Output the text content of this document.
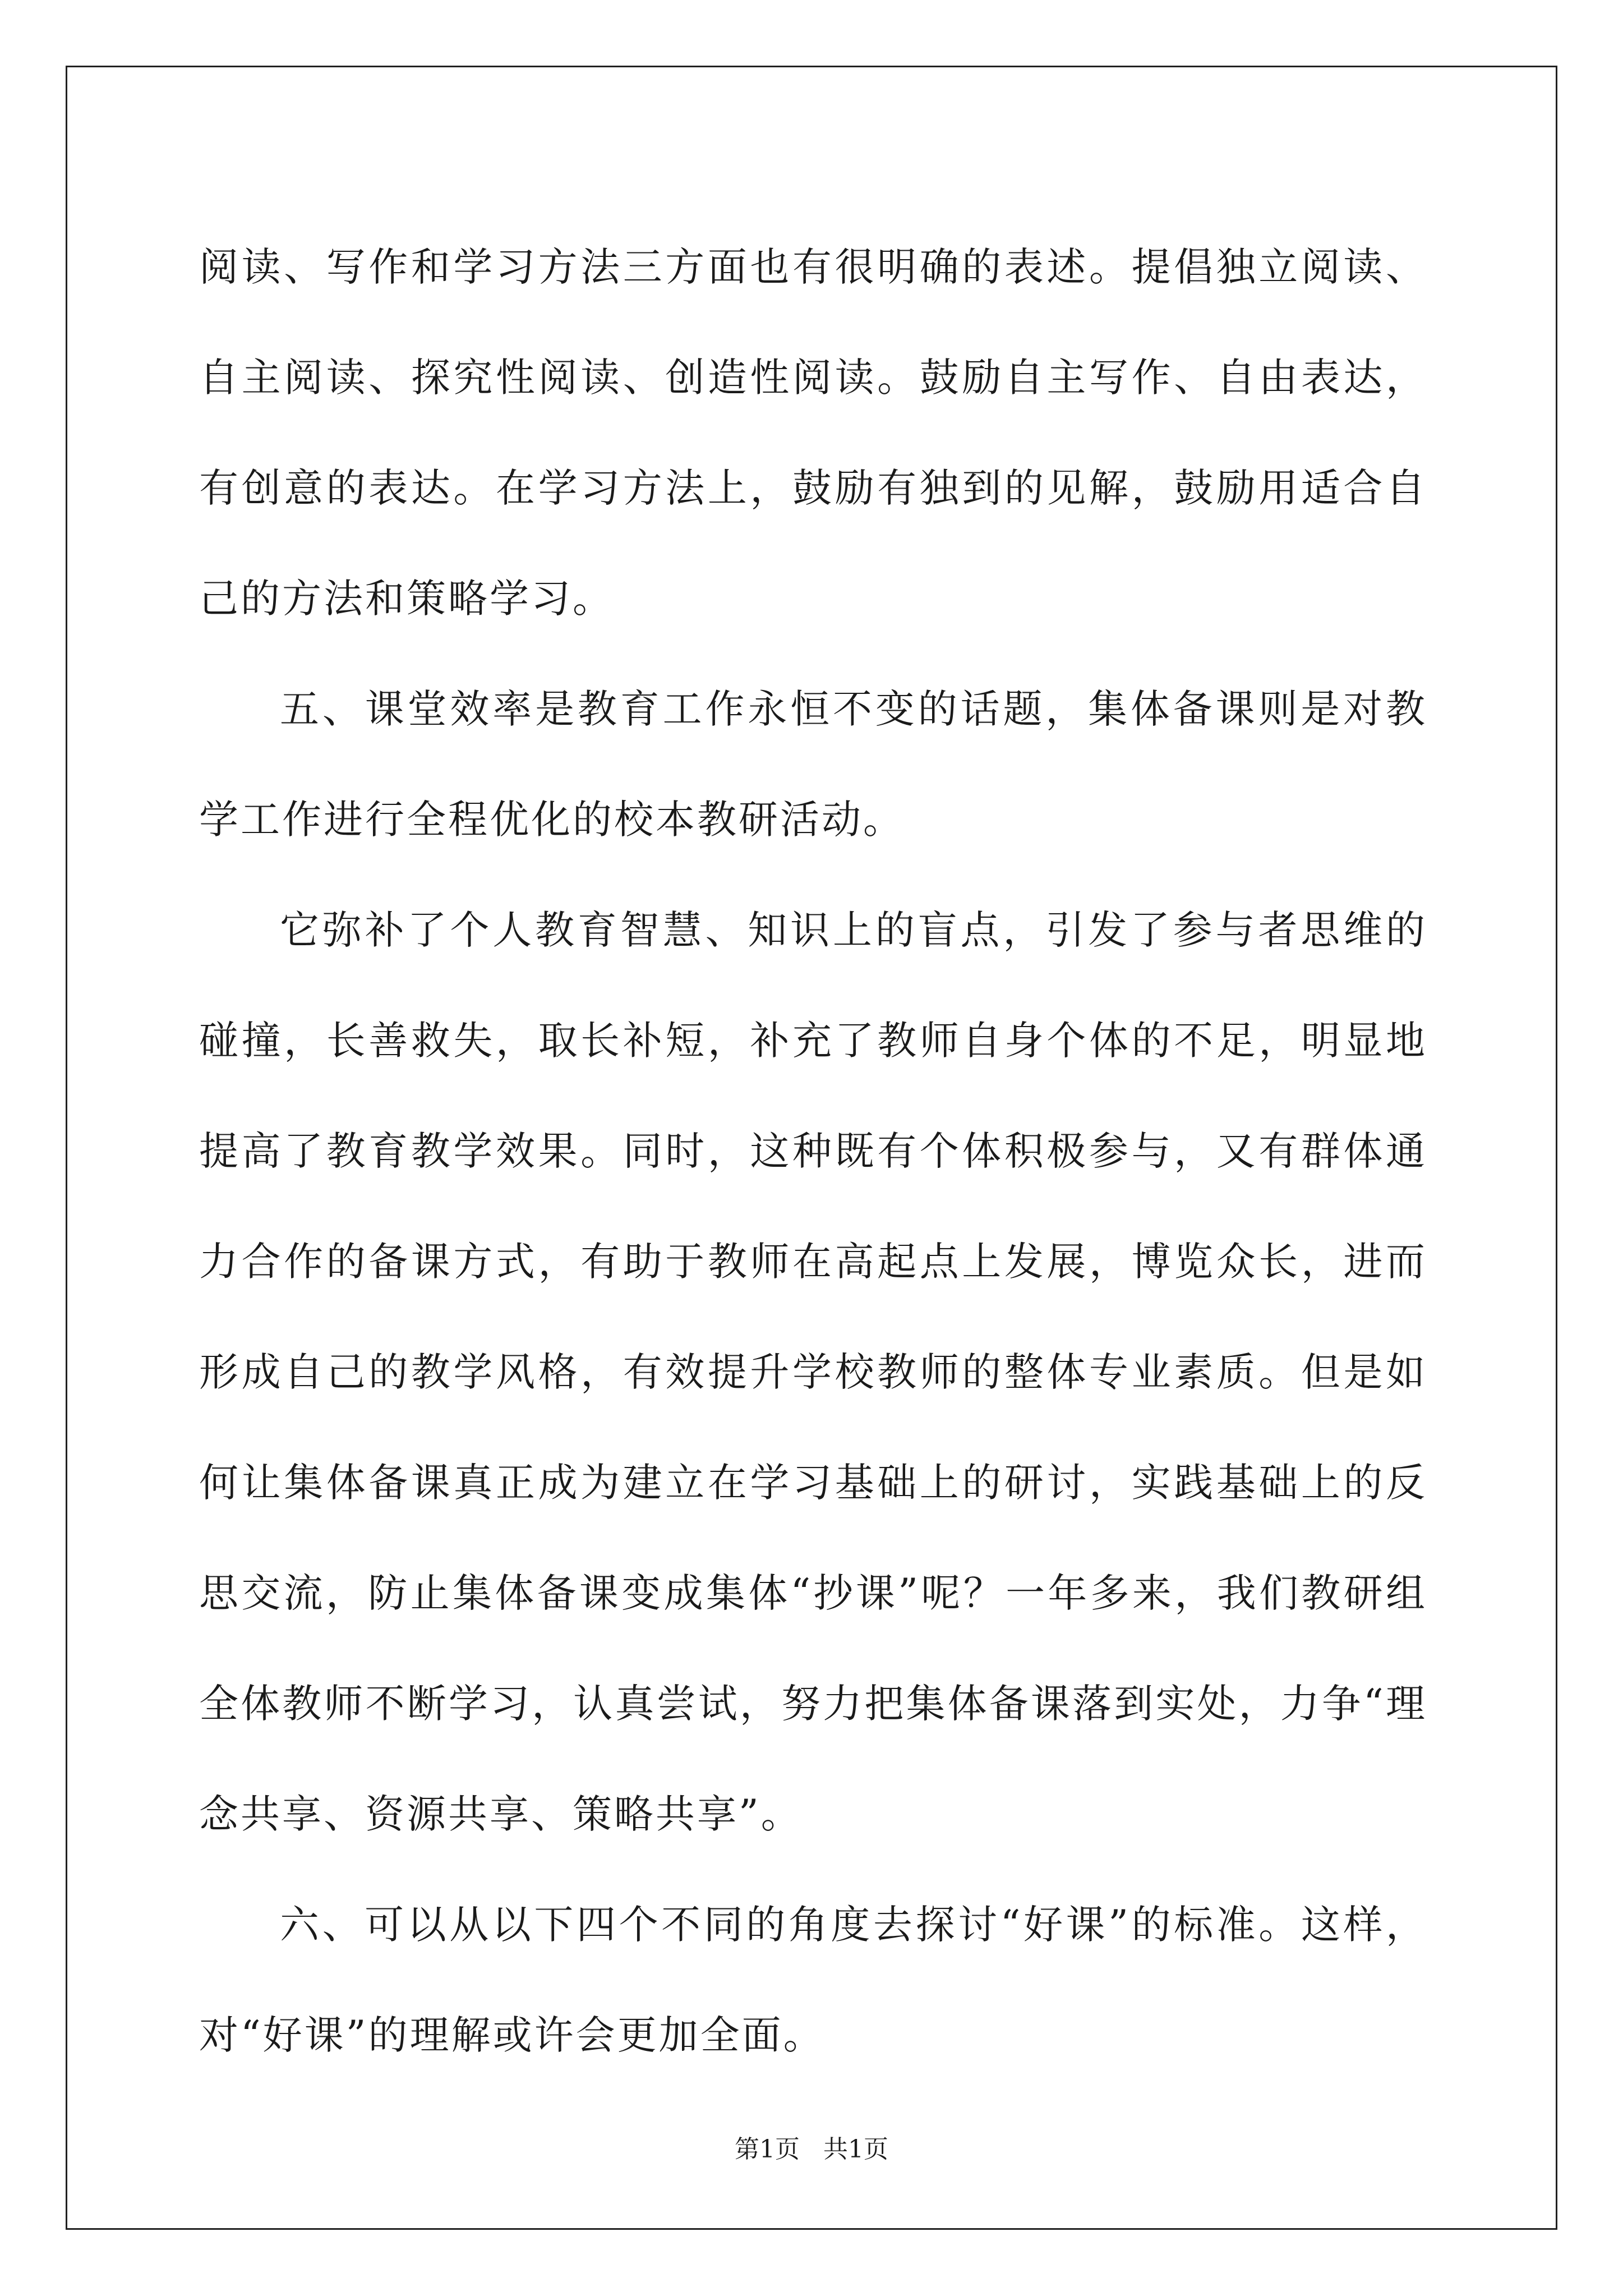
阅读、写作和学习方法三方面也有很明确的表述。提倡独立阅读、自主阅读、探究性阅读、创造性阅读。鼓励自主写作、自由表达，有创意的表达。在学习方法上，鼓励有独到的见解，鼓励用适合自己的方法和策略学习。

五、课堂效率是教育工作永恒不变的话题，集体备课则是对教学工作进行全程优化的校本教研活动。

它弥补了个人教育智慧、知识上的盲点，引发了参与者思维的碰撞，长善救失，取长补短，补充了教师自身个体的不足，明显地提高了教育教学效果。同时，这种既有个体积极参与，又有群体通力合作的备课方式，有助于教师在高起点上发展，博览众长，进而形成自己的教学风格，有效提升学校教师的整体专业素质。但是如何让集体备课真正成为建立在学习基础上的研讨，实践基础上的反思交流，防止集体备课变成集体“抄课”呢？一年多来，我们教研组全体教师不断学习，认真尝试，努力把集体备课落到实处，力争“理念共享、资源共享、策略共享”。

六、可以从以下四个不同的角度去探讨“好课”的标准。这样，对“好课”的理解或许会更加全面。

第1页   共1页
